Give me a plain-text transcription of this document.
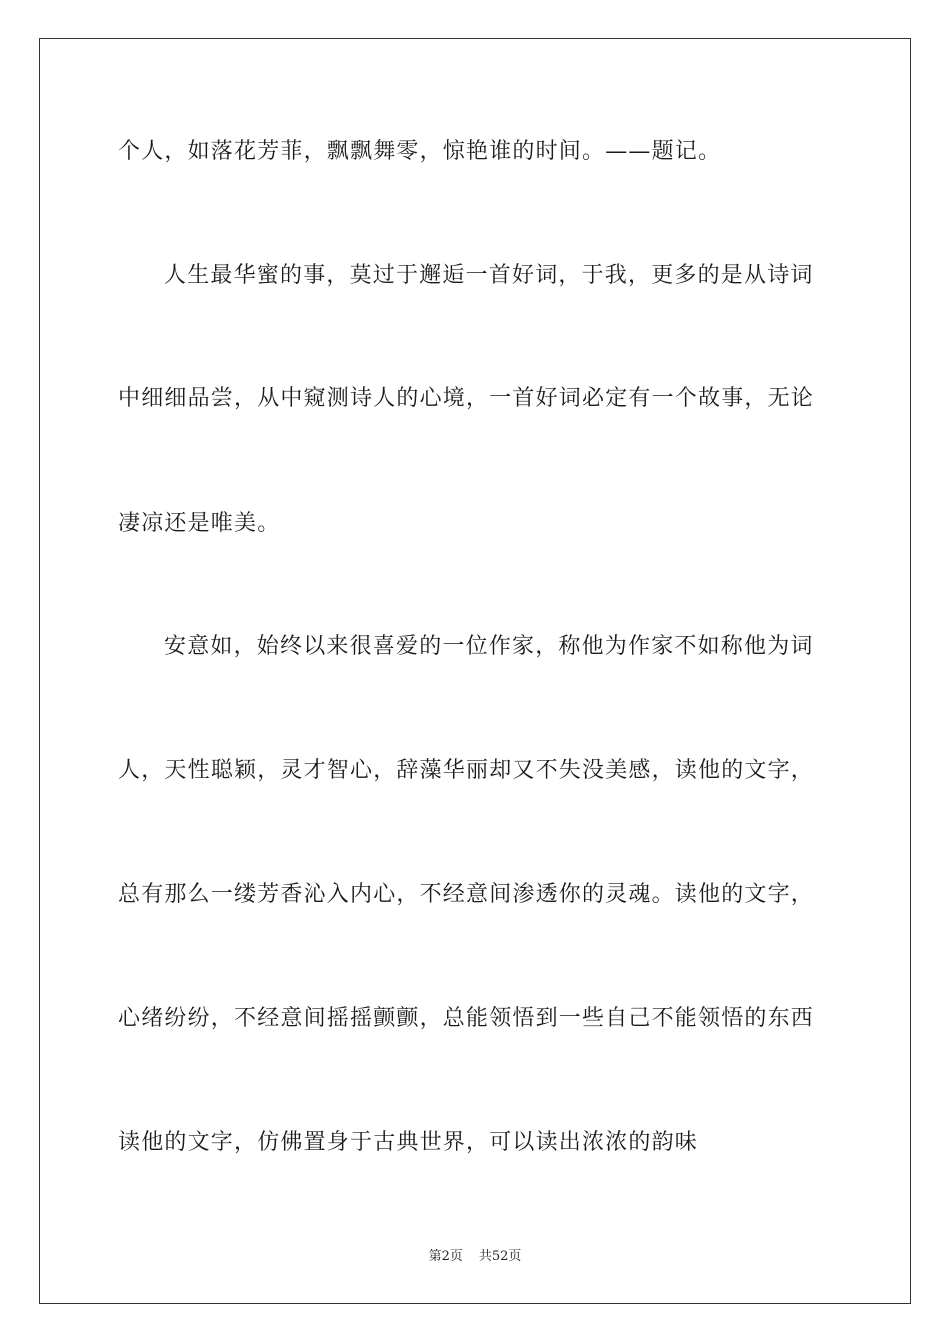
个人，如落花芳菲，飘飘舞零，惊艳谁的时间。——题记。
人生最华蜜的事，莫过于邂逅一首好词，于我，更多的是从诗词
中细细品尝，从中窥测诗人的心境，一首好词必定有一个故事，无论
凄凉还是唯美。
安意如，始终以来很喜爱的一位作家，称他为作家不如称他为词
人，天性聪颖，灵才智心，辞藻华丽却又不失没美感，读他的文字，
总有那么一缕芳香沁入内心，不经意间渗透你的灵魂。读他的文字，
心绪纷纷，不经意间摇摇颤颤，总能领悟到一些自己不能领悟的东西
读他的文字，仿佛置身于古典世界，可以读出浓浓的韵味
第2页 共52页
